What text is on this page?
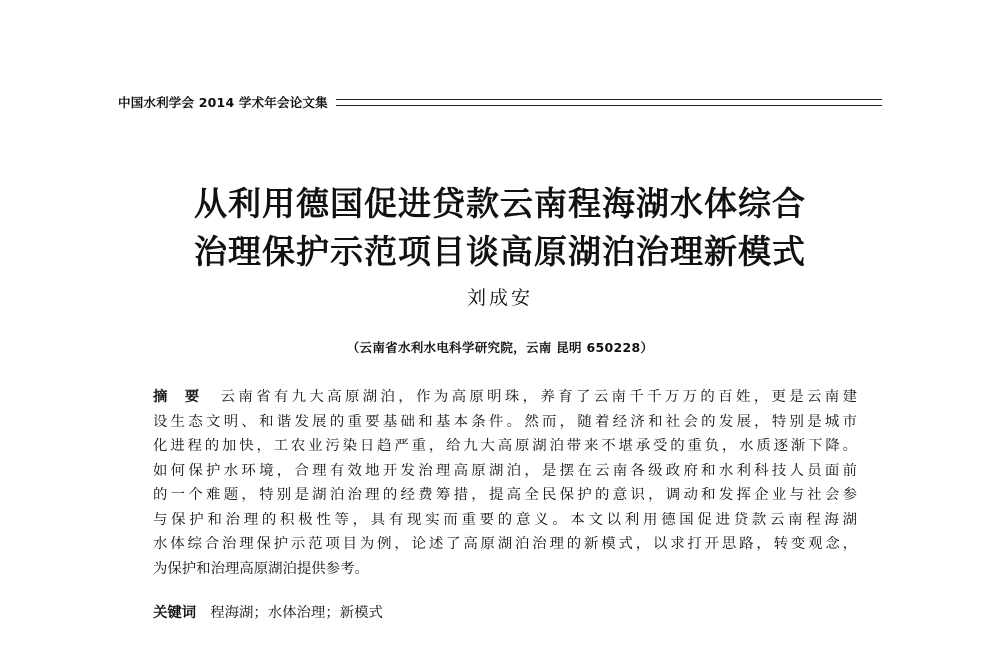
中国水利学会 2014 学术年会论文集
从利用德国促进贷款云南程海湖水体综合
治理保护示范项目谈高原湖泊治理新模式
刘成安
（云南省水利水电科学研究院，云南 昆明 650228）
摘要 云南省有九大高原湖泊，作为高原明珠，养育了云南千千万万的百姓，更是云南建
设生态文明、和谐发展的重要基础和基本条件。然而，随着经济和社会的发展，特别是城市
化进程的加快，工农业污染日趋严重，给九大高原湖泊带来不堪承受的重负，水质逐渐下降。
如何保护水环境，合理有效地开发治理高原湖泊，是摆在云南各级政府和水利科技人员面前
的一个难题，特别是湖泊治理的经费筹措，提高全民保护的意识，调动和发挥企业与社会参
与保护和治理的积极性等，具有现实而重要的意义。本文以利用德国促进贷款云南程海湖
水体综合治理保护示范项目为例，论述了高原湖泊治理的新模式，以求打开思路，转变观念，
为保护和治理高原湖泊提供参考。
关键词 程海湖；水体治理；新模式
